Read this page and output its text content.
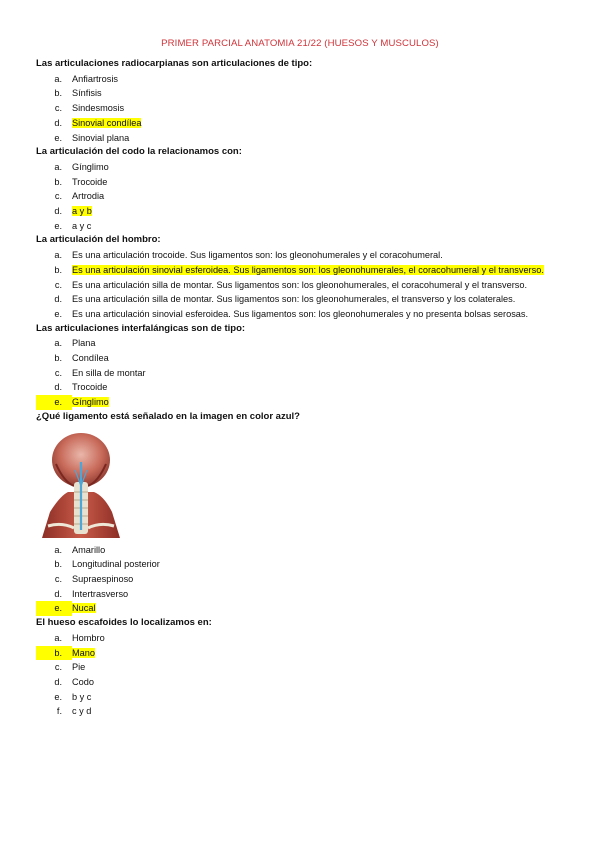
PRIMER PARCIAL ANATOMIA 21/22 (HUESOS Y MUSCULOS)

Las articulaciones radiocarpianas son articulaciones de tipo:

a.	Anfiartrosis
b.	Sínfisis
c.	Sindesmosis
d.	Sinovial condílea
e.	Sinovial plana

La articulación del codo la relacionamos con:

a.	Gínglimo
b.	Trocoide
c.	Artrodia
d.	a y b
e.	a y c

La articulación del hombro:

a.	Es una articulación trocoide. Sus ligamentos son: los gleonohumerales y el coracohumeral.
b.	Es una articulación sinovial esferoidea. Sus ligamentos son: los gleonohumerales, el coracohumeral y el transverso.
c.	Es una articulación silla de montar. Sus ligamentos son: los gleonohumerales, el coracohumeral y el transverso.
d.	Es una articulación silla de montar. Sus ligamentos son: los gleonohumerales, el transverso y los colaterales.
e.	Es una articulación sinovial esferoidea. Sus ligamentos son: los gleonohumerales y no presenta bolsas serosas.

Las articulaciones interfalángicas son de tipo:

a.	Plana
b.	Condílea
c.	En silla de montar
d.	Trocoide
e.	Gínglimo

¿Qué ligamento está señalado en la imagen en color azul?

a.	Amarillo
b.	Longitudinal posterior
c.	Supraespinoso
d.	Intertrasverso
e.	Nucal

El hueso escafoides lo localizamos en:

a.	Hombro
b.	Mano
c.	Pie
d.	Codo
e.	b y c
f.	c y d
